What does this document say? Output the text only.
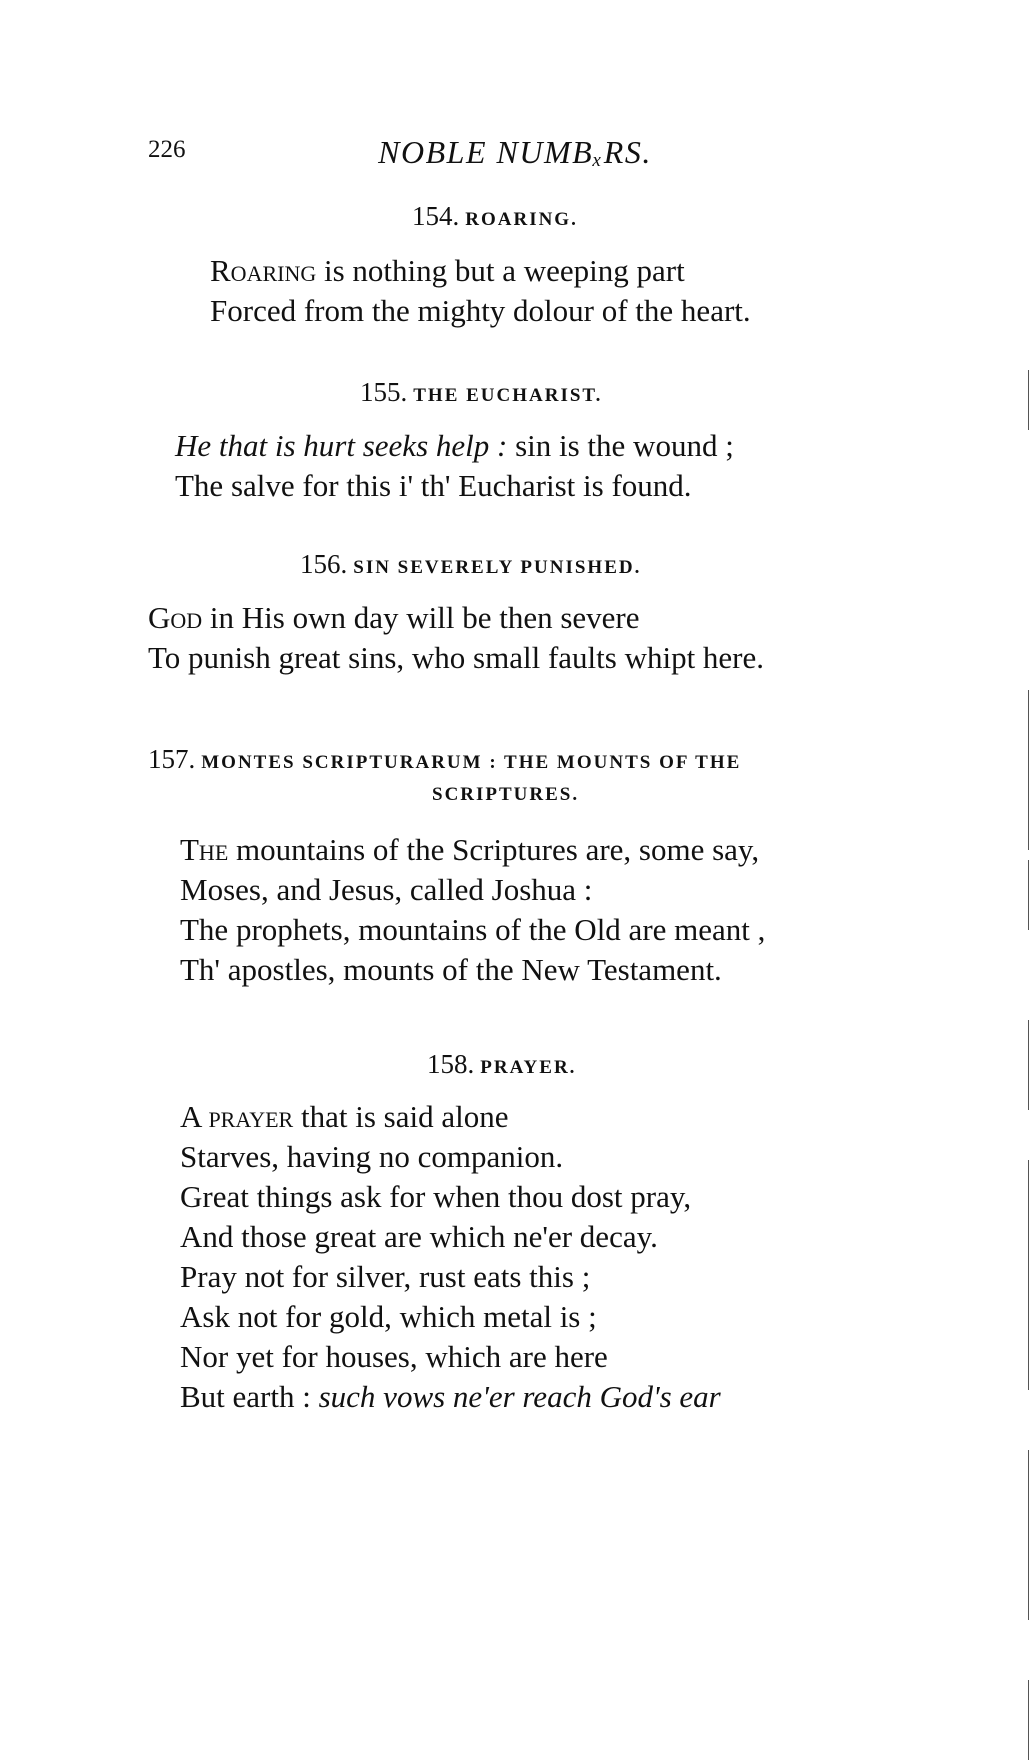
226	NOBLE NUMBₓRS.
154. ROARING.
Roaring is nothing but a weeping part
Forced from the mighty dolour of the heart.
155. THE EUCHARIST.
He that is hurt seeks help : sin is the wound ;
The salve for this i' th' Eucharist is found.
156. SIN SEVERELY PUNISHED.
God in His own day will be then severe
To punish great sins, who small faults whipt here.
157. MONTES SCRIPTURARUM : THE MOUNTS OF THE
SCRIPTURES.
The mountains of the Scriptures are, some say,
Moses, and Jesus, called Joshua :
The prophets, mountains of the Old are meant ,
Th' apostles, mounts of the New Testament.
158. PRAYER.
A prayer that is said alone
Starves, having no companion.
Great things ask for when thou dost pray,
And those great are which ne'er decay.
Pray not for silver, rust eats this ;
Ask not for gold, which metal is ;
Nor yet for houses, which are here
But earth : such vows ne'er reach God's ear
